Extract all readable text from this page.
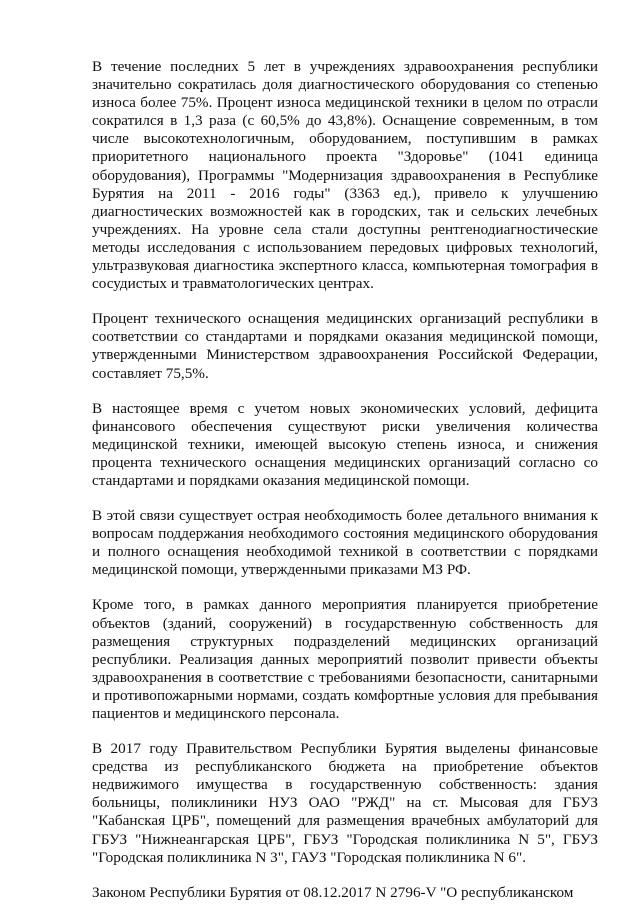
В течение последних 5 лет в учреждениях здравоохранения республики значительно сократилась доля диагностического оборудования со степенью износа более 75%. Процент износа медицинской техники в целом по отрасли сократился в 1,3 раза (с 60,5% до 43,8%). Оснащение современным, в том числе высокотехнологичным, оборудованием, поступившим в рамках приоритетного национального проекта "Здоровье" (1041 единица оборудования), Программы "Модернизация здравоохранения в Республике Бурятия на 2011 - 2016 годы" (3363 ед.), привело к улучшению диагностических возможностей как в городских, так и сельских лечебных учреждениях. На уровне села стали доступны рентгенодиагностические методы исследования с использованием передовых цифровых технологий, ультразвуковая диагностика экспертного класса, компьютерная томография в сосудистых и травматологических центрах.

Процент технического оснащения медицинских организаций республики в соответствии со стандартами и порядками оказания медицинской помощи, утвержденными Министерством здравоохранения Российской Федерации, составляет 75,5%.

В настоящее время с учетом новых экономических условий, дефицита финансового обеспечения существуют риски увеличения количества медицинской техники, имеющей высокую степень износа, и снижения процента технического оснащения медицинских организаций согласно со стандартами и порядками оказания медицинской помощи.

В этой связи существует острая необходимость более детального внимания к вопросам поддержания необходимого состояния медицинского оборудования и полного оснащения необходимой техникой в соответствии с порядками медицинской помощи, утвержденными приказами МЗ РФ.

Кроме того, в рамках данного мероприятия планируется приобретение объектов (зданий, сооружений) в государственную собственность для размещения структурных подразделений медицинских организаций республики. Реализация данных мероприятий позволит привести объекты здравоохранения в соответствие с требованиями безопасности, санитарными и противопожарными нормами, создать комфортные условия для пребывания пациентов и медицинского персонала.

В 2017 году Правительством Республики Бурятия выделены финансовые средства из республиканского бюджета на приобретение объектов недвижимого имущества в государственную собственность: здания больницы, поликлиники НУЗ ОАО "РЖД" на ст. Мысовая для ГБУЗ "Кабанская ЦРБ", помещений для размещения врачебных амбулаторий для ГБУЗ "Нижнеангарская ЦРБ", ГБУЗ "Городская поликлиника N 5", ГБУЗ "Городская поликлиника N 3", ГАУЗ "Городская поликлиника N 6".

Законом Республики Бурятия от 08.12.2017 N 2796-V "О республиканском
